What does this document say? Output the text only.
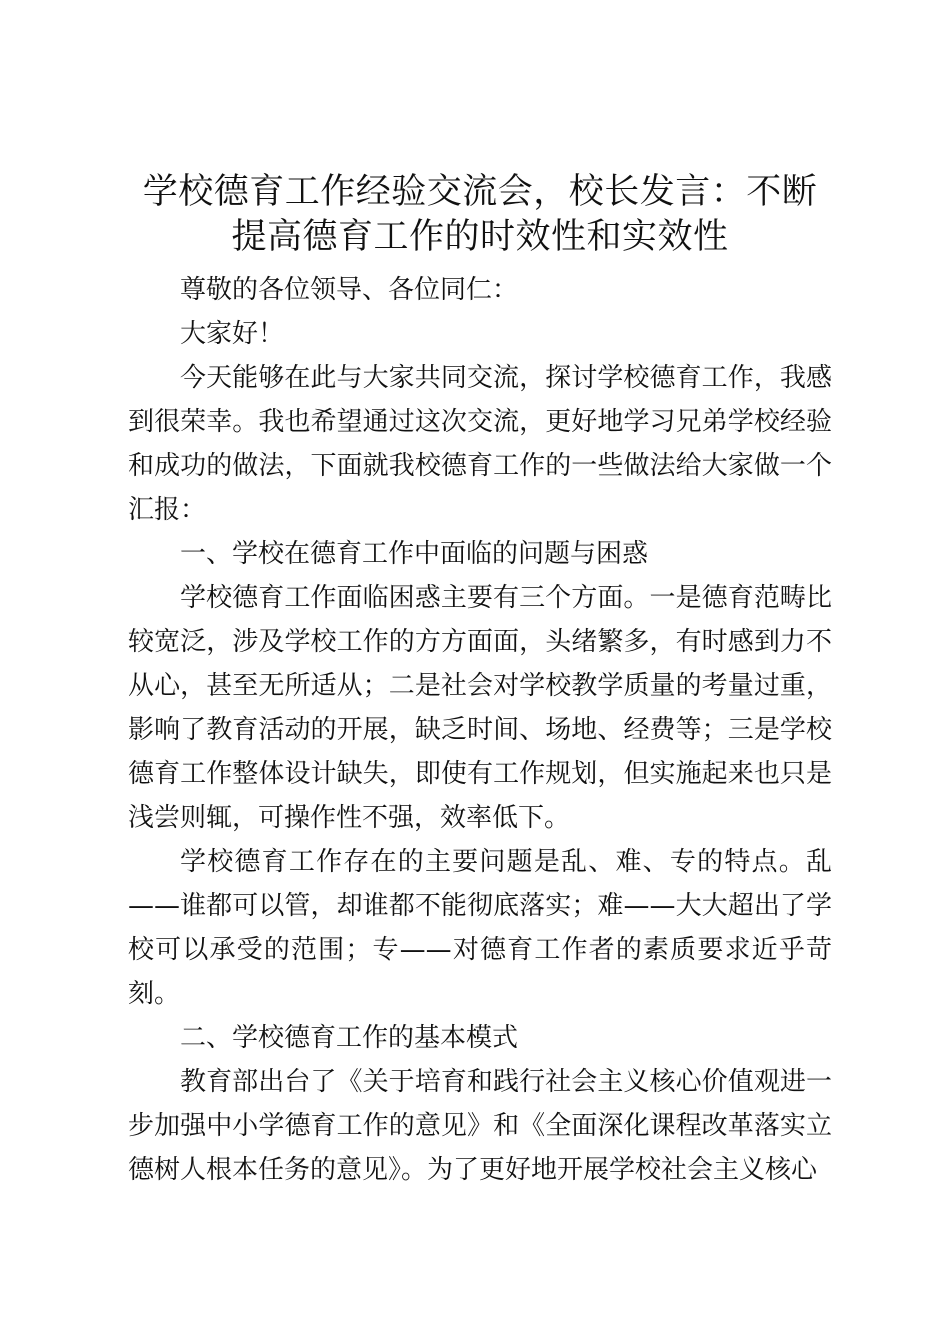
学校德育工作经验交流会，校长发言：不断提高德育工作的时效性和实效性

尊敬的各位领导、各位同仁：

大家好！

今天能够在此与大家共同交流，探讨学校德育工作，我感到很荣幸。我也希望通过这次交流，更好地学习兄弟学校经验和成功的做法，下面就我校德育工作的一些做法给大家做一个汇报：

一、学校在德育工作中面临的问题与困惑

学校德育工作面临困惑主要有三个方面。一是德育范畴比较宽泛，涉及学校工作的方方面面，头绪繁多，有时感到力不从心，甚至无所适从；二是社会对学校教学质量的考量过重，影响了教育活动的开展，缺乏时间、场地、经费等；三是学校德育工作整体设计缺失，即使有工作规划，但实施起来也只是浅尝则辄，可操作性不强，效率低下。

学校德育工作存在的主要问题是乱、难、专的特点。乱——谁都可以管，却谁都不能彻底落实；难——大大超出了学校可以承受的范围；专——对德育工作者的素质要求近乎苛刻。

二、学校德育工作的基本模式

教育部出台了《关于培育和践行社会主义核心价值观进一步加强中小学德育工作的意见》和《全面深化课程改革落实立德树人根本任务的意见》。为了更好地开展学校社会主义核心
